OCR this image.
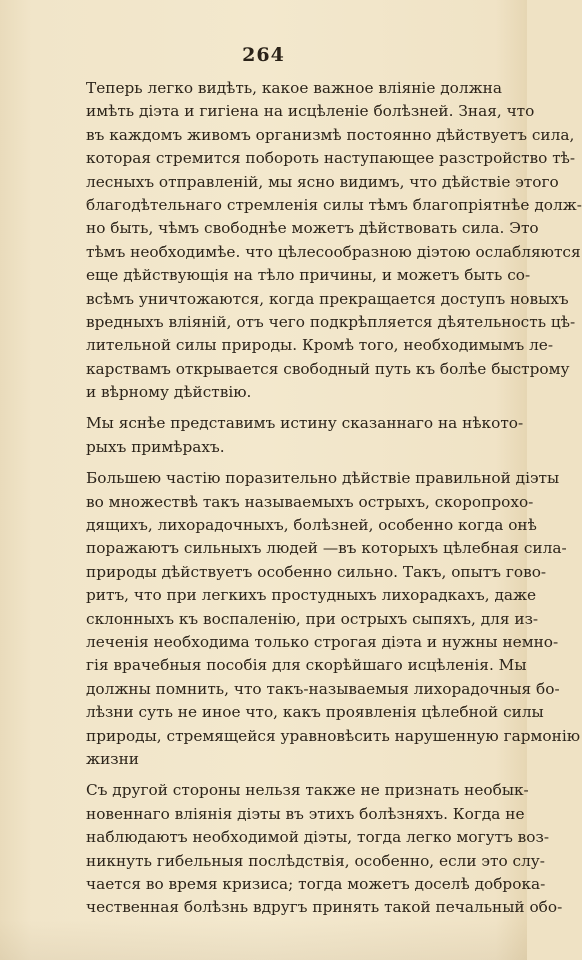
264
Теперь легко видѣть, какое важное вліяніе должна
имѣть діэта и гигіена на исцѣленіе болѣзней. Зная, что
въ каждомъ живомъ организмѣ постоянно дѣйствуетъ сила,
которая стремится побороть наступающее разстройство тѣ-
лесныхъ отправленій, мы ясно видимъ, что дѣйствіе этого
благодѣтельнаго стремленія силы тѣмъ благопріятнѣе долж-
но быть, чѣмъ свободнѣе можетъ дѣйствовать сила. Это
тѣмъ необходимѣе. что цѣлесообразною діэтою ослабляются
еще дѣйствующія на тѣло причины, и можетъ быть со-
всѣмъ уничтожаются, когда прекращается доступъ новыхъ
вредныхъ вліяній, отъ чего подкрѣпляется дѣятельность цѣ-
лительной силы природы. Кромѣ того, необходимымъ ле-
карствамъ открывается свободный путь къ болѣе быстрому
и вѣрному дѣйствію.
Мы яснѣе представимъ истину сказаннаго на нѣкото-
рыхъ примѣрахъ.
Большею частію поразительно дѣйствіе правильной діэты
во множествѣ такъ называемыхъ острыхъ, скоропрохо-
дящихъ, лихорадочныхъ, болѣзней, особенно когда онѣ
поражаютъ сильныхъ людей —въ которыхъ цѣлебная сила-
природы дѣйствуетъ особенно сильно. Такъ, опытъ гово-
ритъ, что при легкихъ простудныхъ лихорадкахъ, даже
склонныхъ къ воспаленію, при острыхъ сыпяхъ, для из-
леченія необходима только строгая діэта и нужны немно-
гія врачебныя пособія для скорѣйшаго исцѣленія. Мы
должны помнить, что такъ-называемыя лихорадочныя бо-
лѣзни суть не иное что, какъ проявленія цѣлебной силы
природы, стремящейся уравновѣсить нарушенную гармонію
жизни
Съ другой стороны нельзя также не признать необык-
новеннаго вліянія діэты въ этихъ болѣзняхъ. Когда не
наблюдаютъ необходимой діэты, тогда легко могутъ воз-
никнуть гибельныя послѣдствія, особенно, если это слу-
чается во время кризиса; тогда можетъ доселѣ доброка-
чественная болѣзнь вдругъ принять такой печальный обо-
